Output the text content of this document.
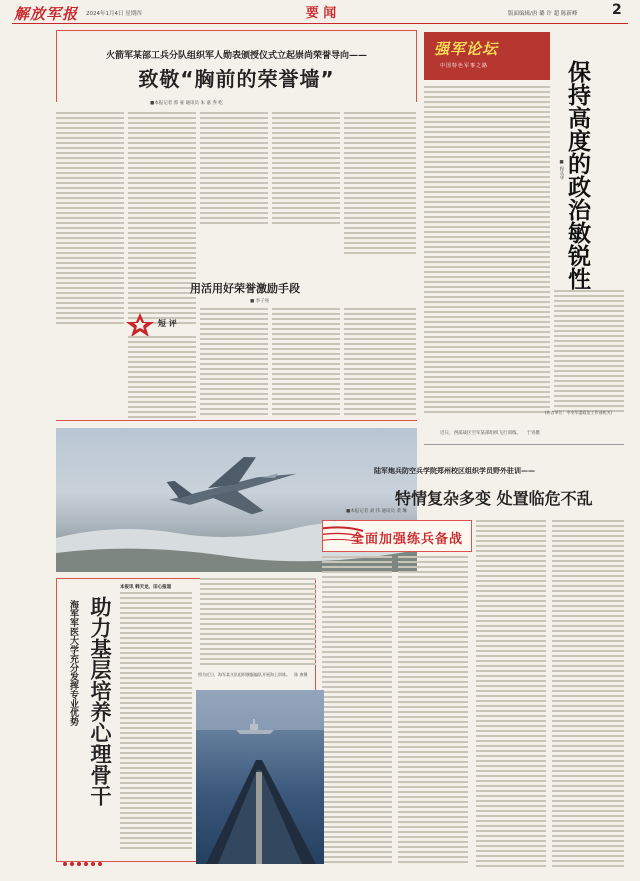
解放军报 2024年1月4日 星期四	要 闻	版面编辑/唐 璐 许 超 陈新峰 2
火箭军某部工兵分队组织军人勋表颁授仪式立起崇尚荣誉导向——
致敬“胸前的荣誉墙”
■本报记者 郭 豪 通讯员 朱 嘉 焘 屹
用活用好荣誉激励手段
■ 李子亮
短 评
强军论坛
中国特色军事之路	保持高度的政治敏锐性
■ 程从华
(作者单位：中央军委政治工作部机关)
近日，西部战区空军某部组织飞行训练。 于青摄
陆军炮兵防空兵学院郑州校区组织学员野外驻训——
特情复杂多变 处置临危不乱
■本报记者 刘 伟 通讯员 黄 琳
全面加强练兵备战
海军军医大学充分发挥专业优势 助力基层培养心理骨干
本报讯 韩天龙、田心报道
图为近日，海军某支队组织舰艇编队开展海上训练。 陈 康摄
